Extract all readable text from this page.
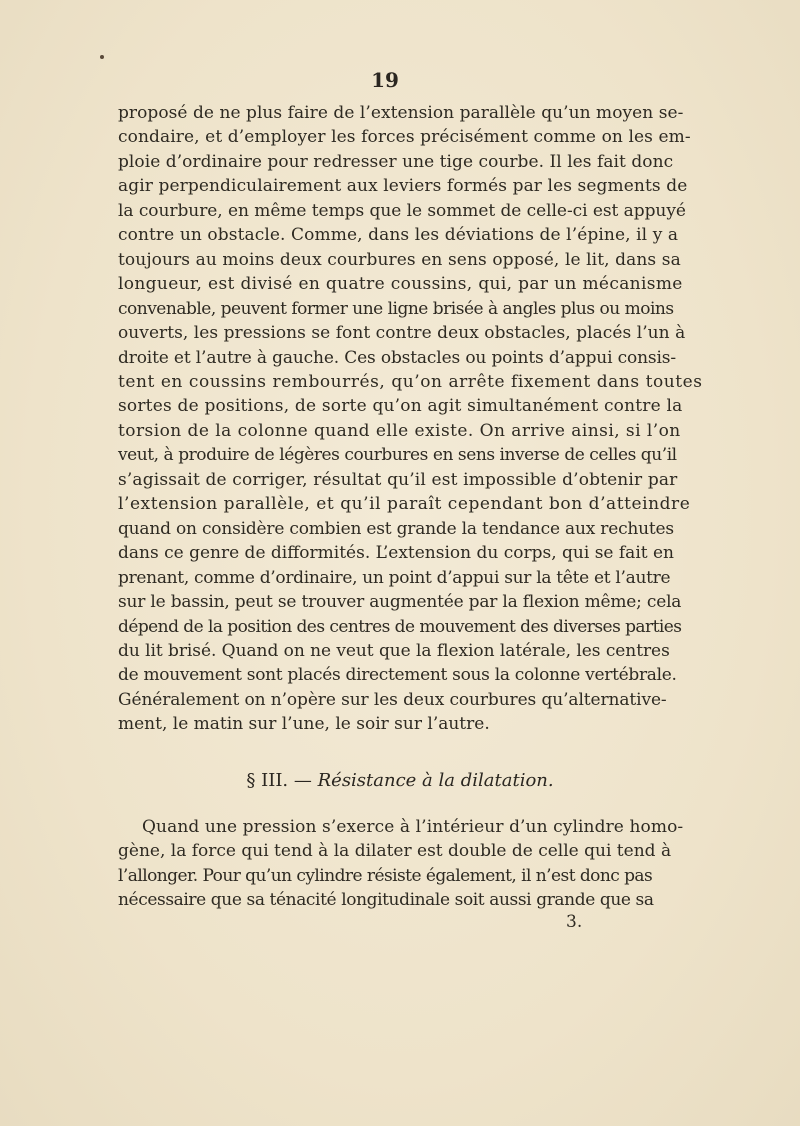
19
proposé de ne plus faire de l’extension parallèle qu’un moyen se-
condaire, et d’employer les forces précisément comme on les em-
ploie d’ordinaire pour redresser une tige courbe. Il les fait donc
agir perpendiculairement aux leviers formés par les segments de
la courbure, en même temps que le sommet de celle-ci est appuyé
contre un obstacle. Comme, dans les déviations de l’épine, il y a
toujours au moins deux courbures en sens opposé, le lit, dans sa
longueur, est divisé en quatre coussins, qui, par un mécanisme
convenable, peuvent former une ligne brisée à angles plus ou moins
ouverts, les pressions se font contre deux obstacles, placés l’un à
droite et l’autre à gauche. Ces obstacles ou points d’appui consis-
tent en coussins rembourrés, qu’on arrête fixement dans toutes
sortes de positions, de sorte qu’on agit simultanément contre la
torsion de la colonne quand elle existe. On arrive ainsi, si l’on
veut, à produire de légères courbures en sens inverse de celles qu’il
s’agissait de corriger, résultat qu’il est impossible d’obtenir par
l’extension parallèle, et qu’il paraît cependant bon d’atteindre
quand on considère combien est grande la tendance aux rechutes
dans ce genre de difformités. L’extension du corps, qui se fait en
prenant, comme d’ordinaire, un point d’appui sur la tête et l’autre
sur le bassin, peut se trouver augmentée par la flexion même; cela
dépend de la position des centres de mouvement des diverses parties
du lit brisé. Quand on ne veut que la flexion latérale, les centres
de mouvement sont placés directement sous la colonne vertébrale.
Généralement on n’opère sur les deux courbures qu’alternative-
ment, le matin sur l’une, le soir sur l’autre.
§ III. — Résistance à la dilatation.
Quand une pression s’exerce à l’intérieur d’un cylindre homo-
gène, la force qui tend à la dilater est double de celle qui tend à
l’allonger. Pour qu’un cylindre résiste également, il n’est donc pas
nécessaire que sa ténacité longitudinale soit aussi grande que sa
3.
